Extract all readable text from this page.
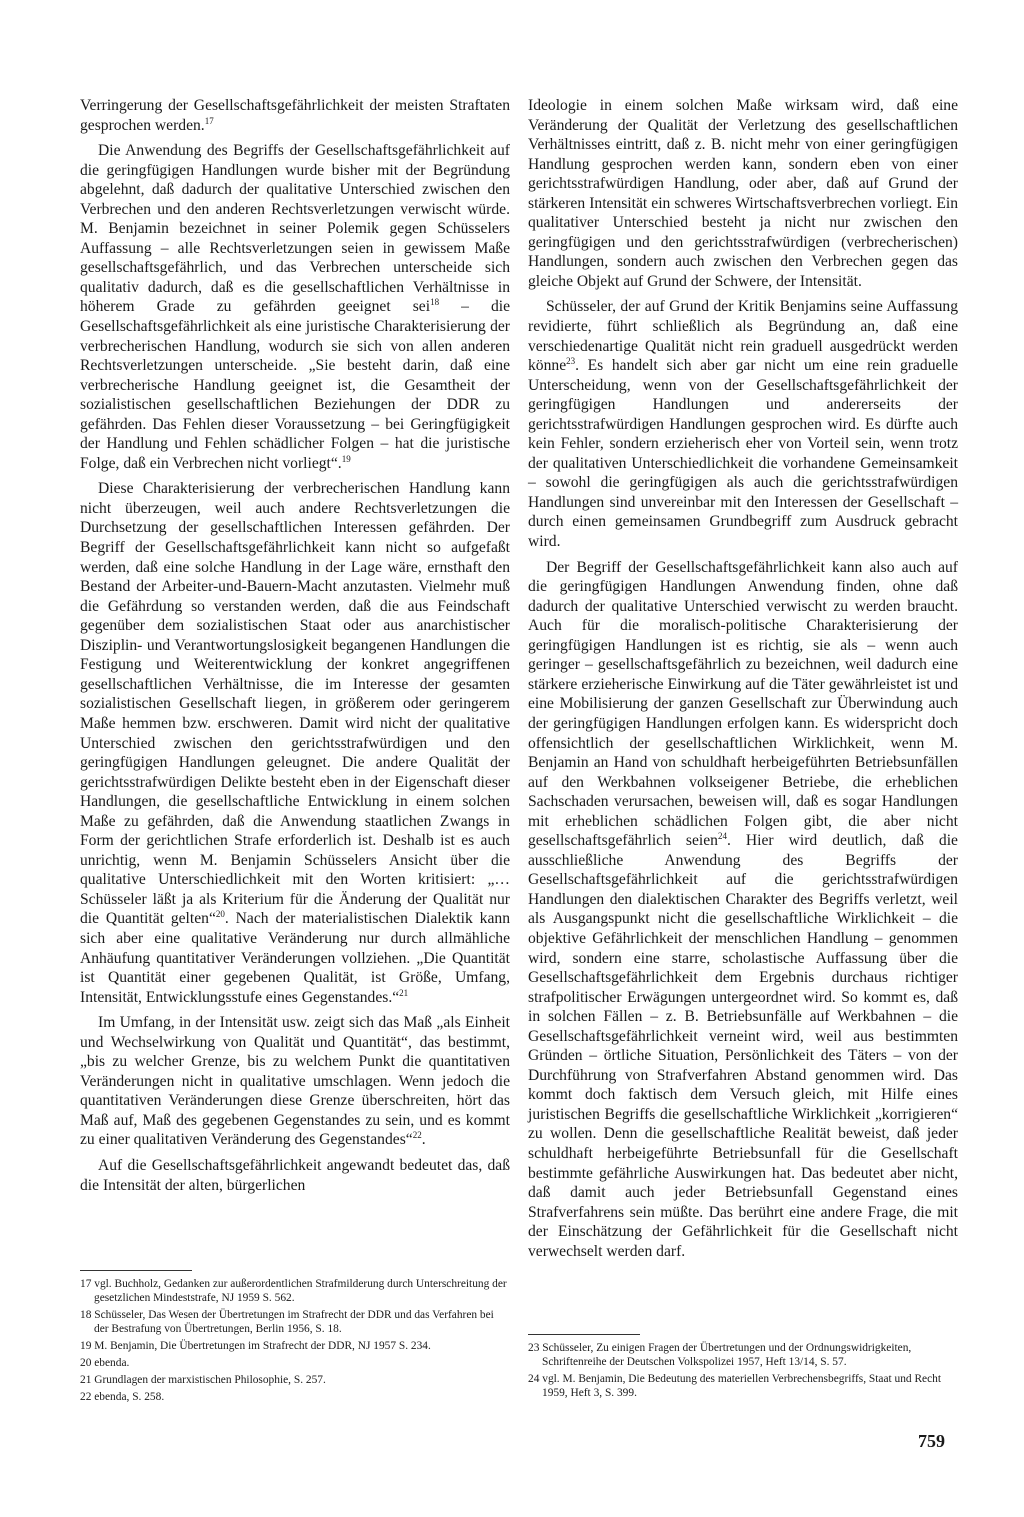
Verringerung der Gesellschaftsgefährlichkeit der meisten Straftaten gesprochen werden.$^{17}$

Die Anwendung des Begriffs der Gesellschaftsgefährlichkeit auf die geringfügigen Handlungen wurde bisher mit der Begründung abgelehnt, daß dadurch der qualitative Unterschied zwischen den Verbrechen und den anderen Rechtsverletzungen verwischt würde. M. Benjamin bezeichnet in seiner Polemik gegen Schüsselers Auffassung – alle Rechtsverletzungen seien in gewissem Maße gesellschaftsgefährlich, und das Verbrechen unterscheide sich qualitativ dadurch, daß es die gesellschaftlichen Verhältnisse in höherem Grade zu gefährden geeignet sei$^{18}$ – die Gesellschaftsgefährlichkeit als eine juristische Charakterisierung der verbrecherischen Handlung, wodurch sie sich von allen anderen Rechtsverletzungen unterscheide. „Sie besteht darin, daß eine verbrecherische Handlung geeignet ist, die Gesamtheit der sozialistischen gesellschaftlichen Beziehungen der DDR zu gefährden. Das Fehlen dieser Voraussetzung – bei Geringfügigkeit der Handlung und Fehlen schädlicher Folgen – hat die juristische Folge, daß ein Verbrechen nicht vorliegt“.$^{19}$

Diese Charakterisierung der verbrecherischen Handlung kann nicht überzeugen, weil auch andere Rechtsverletzungen die Durchsetzung der gesellschaftlichen Interessen gefährden. Der Begriff der Gesellschaftsgefährlichkeit kann nicht so aufgefaßt werden, daß eine solche Handlung in der Lage wäre, ernsthaft den Bestand der Arbeiter-und-Bauern-Macht anzutasten. Vielmehr muß die Gefährdung so verstanden werden, daß die aus Feindschaft gegenüber dem sozialistischen Staat oder aus anarchistischer Disziplin- und Verantwortungslosigkeit begangenen Handlungen die Festigung und Weiterentwicklung der konkret angegriffenen gesellschaftlichen Verhältnisse, die im Interesse der gesamten sozialistischen Gesellschaft liegen, in größerem oder geringerem Maße hemmen bzw. erschweren. Damit wird nicht der qualitative Unterschied zwischen den gerichtsstrafwürdigen und den geringfügigen Handlungen geleugnet. Die andere Qualität der gerichtsstrafwürdigen Delikte besteht eben in der Eigenschaft dieser Handlungen, die gesellschaftliche Entwicklung in einem solchen Maße zu gefährden, daß die Anwendung staatlichen Zwangs in Form der gerichtlichen Strafe erforderlich ist. Deshalb ist es auch unrichtig, wenn M. Benjamin Schüsselers Ansicht über die qualitative Unterschiedlichkeit mit den Worten kritisiert: „… Schüsseler läßt ja als Kriterium für die Änderung der Qualität nur die Quantität gelten“$^{20}$. Nach der materialistischen Dialektik kann sich aber eine qualitative Veränderung nur durch allmähliche Anhäufung quantitativer Veränderungen vollziehen. „Die Quantität ist Quantität einer gegebenen Qualität, ist Größe, Umfang, Intensität, Entwicklungsstufe eines Gegenstandes.“$^{21}$

Im Umfang, in der Intensität usw. zeigt sich das Maß „als Einheit und Wechselwirkung von Qualität und Quantität“, das bestimmt, „bis zu welcher Grenze, bis zu welchem Punkt die quantitativen Veränderungen nicht in qualitative umschlagen. Wenn jedoch die quantitativen Veränderungen diese Grenze überschreiten, hört das Maß auf, Maß des gegebenen Gegenstandes zu sein, und es kommt zu einer qualitativen Veränderung des Gegenstandes“$^{22}$.

Auf die Gesellschaftsgefährlichkeit angewandt bedeutet das, daß die Intensität der alten, bürgerlichen

17 vgl. Buchholz, Gedanken zur außerordentlichen Strafmilderung durch Unterschreitung der gesetzlichen Mindeststrafe, NJ 1959 S. 562.

18 Schüsseler, Das Wesen der Übertretungen im Strafrecht der DDR und das Verfahren bei der Bestrafung von Übertretungen, Berlin 1956, S. 18.

19 M. Benjamin, Die Übertretungen im Strafrecht der DDR, NJ 1957 S. 234.

20 ebenda.

21 Grundlagen der marxistischen Philosophie, S. 257.

22 ebenda, S. 258.

Ideologie in einem solchen Maße wirksam wird, daß eine Veränderung der Qualität der Verletzung des gesellschaftlichen Verhältnisses eintritt, daß z. B. nicht mehr von einer geringfügigen Handlung gesprochen werden kann, sondern eben von einer gerichtsstrafwürdigen Handlung, oder aber, daß auf Grund der stärkeren Intensität ein schweres Wirtschaftsverbrechen vorliegt. Ein qualitativer Unterschied besteht ja nicht nur zwischen den geringfügigen und den gerichtsstrafwürdigen (verbrecherischen) Handlungen, sondern auch zwischen den Verbrechen gegen das gleiche Objekt auf Grund der Schwere, der Intensität.

Schüsseler, der auf Grund der Kritik Benjamins seine Auffassung revidierte, führt schließlich als Begründung an, daß eine verschiedenartige Qualität nicht rein graduell ausgedrückt werden könne$^{23}$. Es handelt sich aber gar nicht um eine rein graduelle Unterscheidung, wenn von der Gesellschaftsgefährlichkeit der geringfügigen Handlungen und andererseits der gerichtsstrafwürdigen Handlungen gesprochen wird. Es dürfte auch kein Fehler, sondern erzieherisch eher von Vorteil sein, wenn trotz der qualitativen Unterschiedlichkeit die vorhandene Gemeinsamkeit – sowohl die geringfügigen als auch die gerichtsstrafwürdigen Handlungen sind unvereinbar mit den Interessen der Gesellschaft – durch einen gemeinsamen Grundbegriff zum Ausdruck gebracht wird.

Der Begriff der Gesellschaftsgefährlichkeit kann also auch auf die geringfügigen Handlungen Anwendung finden, ohne daß dadurch der qualitative Unterschied verwischt zu werden braucht. Auch für die moralisch-politische Charakterisierung der geringfügigen Handlungen ist es richtig, sie als – wenn auch geringer – gesellschaftsgefährlich zu bezeichnen, weil dadurch eine stärkere erzieherische Einwirkung auf die Täter gewährleistet ist und eine Mobilisierung der ganzen Gesellschaft zur Überwindung auch der geringfügigen Handlungen erfolgen kann. Es widerspricht doch offensichtlich der gesellschaftlichen Wirklichkeit, wenn M. Benjamin an Hand von schuldhaft herbeigeführten Betriebsunfällen auf den Werkbahnen volkseigener Betriebe, die erheblichen Sachschaden verursachen, beweisen will, daß es sogar Handlungen mit erheblichen schädlichen Folgen gibt, die aber nicht gesellschaftsgefährlich seien$^{24}$. Hier wird deutlich, daß die ausschließliche Anwendung des Begriffs der Gesellschaftsgefährlichkeit auf die gerichtsstrafwürdigen Handlungen den dialektischen Charakter des Begriffs verletzt, weil als Ausgangspunkt nicht die gesellschaftliche Wirklichkeit – die objektive Gefährlichkeit der menschlichen Handlung – genommen wird, sondern eine starre, scholastische Auffassung über die Gesellschaftsgefährlichkeit dem Ergebnis durchaus richtiger strafpolitischer Erwägungen untergeordnet wird. So kommt es, daß in solchen Fällen – z. B. Betriebsunfälle auf Werkbahnen – die Gesellschaftsgefährlichkeit verneint wird, weil aus bestimmten Gründen – örtliche Situation, Persönlichkeit des Täters – von der Durchführung von Strafverfahren Abstand genommen wird. Das kommt doch faktisch dem Versuch gleich, mit Hilfe eines juristischen Begriffs die gesellschaftliche Wirklichkeit „korrigieren“ zu wollen. Denn die gesellschaftliche Realität beweist, daß jeder schuldhaft herbeigeführte Betriebsunfall für die Gesellschaft bestimmte gefährliche Auswirkungen hat. Das bedeutet aber nicht, daß damit auch jeder Betriebsunfall Gegenstand eines Strafverfahrens sein müßte. Das berührt eine andere Frage, die mit der Einschätzung der Gefährlichkeit für die Gesellschaft nicht verwechselt werden darf.

23 Schüsseler, Zu einigen Fragen der Übertretungen und der Ordnungswidrigkeiten, Schriftenreihe der Deutschen Volkspolizei 1957, Heft 13/14, S. 57.

24 vgl. M. Benjamin, Die Bedeutung des materiellen Verbrechensbegriffs, Staat und Recht 1959, Heft 3, S. 399.

759
